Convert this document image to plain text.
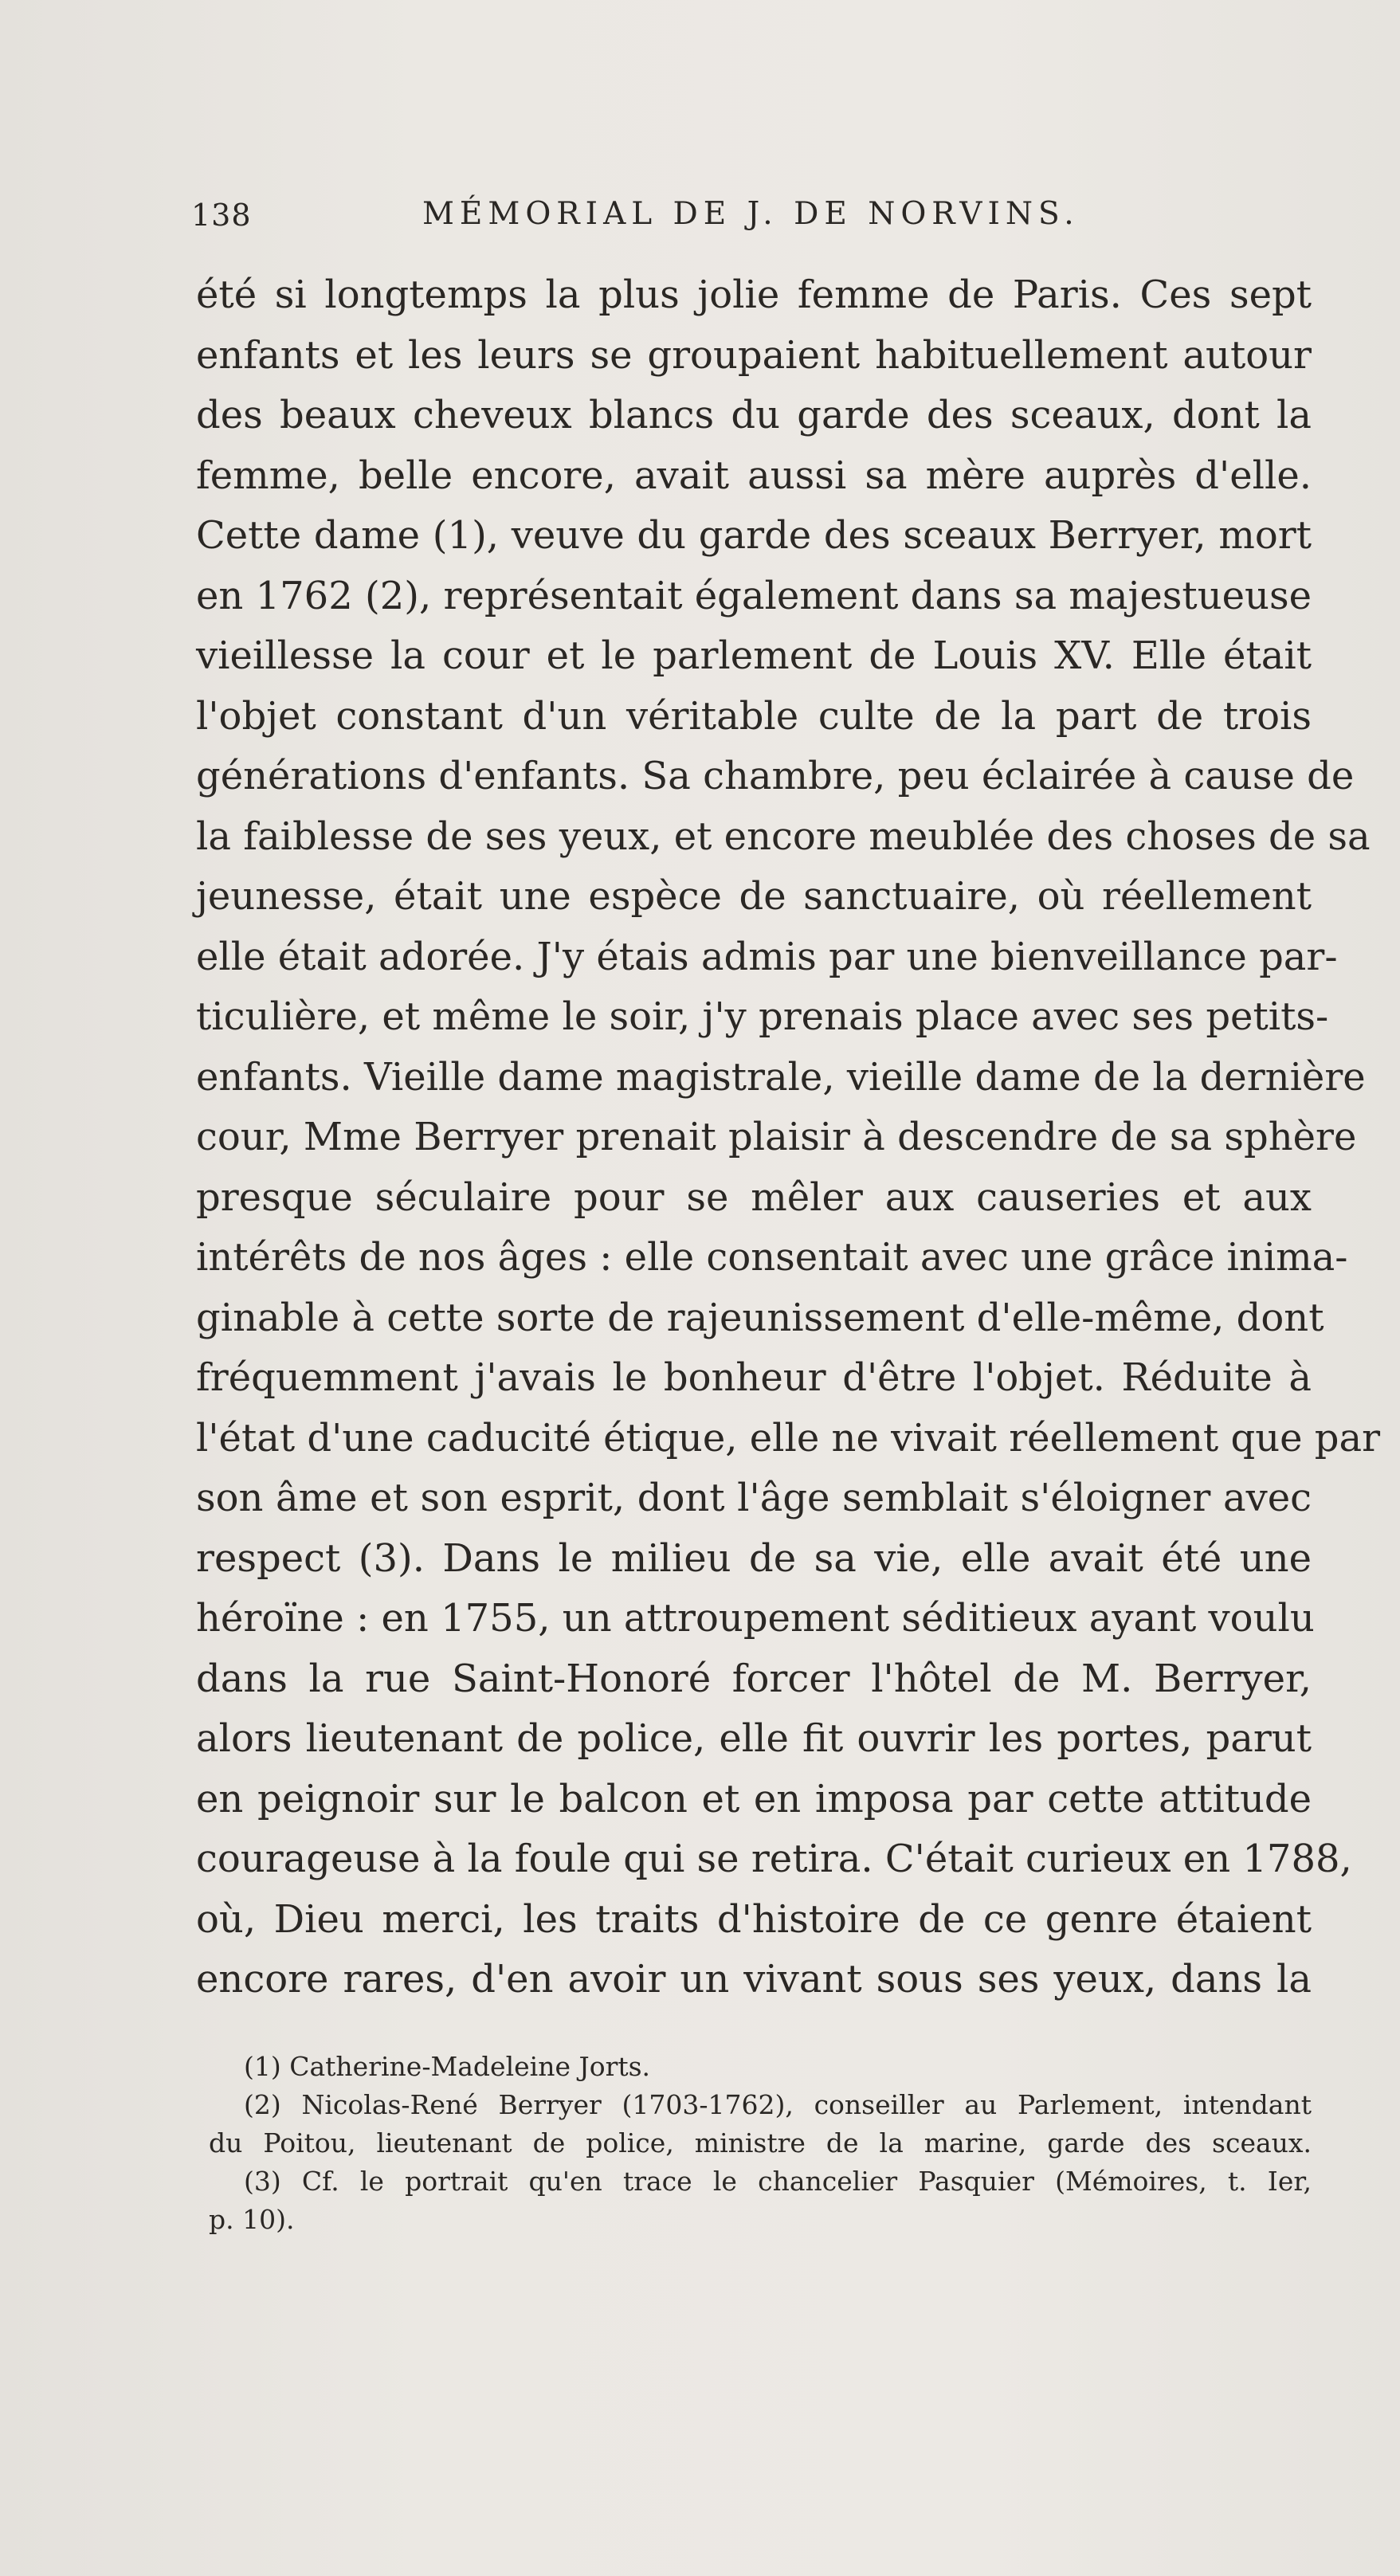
138	MÉMORIAL DE J. DE NORVINS.
été si longtemps la plus jolie femme de Paris. Ces sept
enfants et les leurs se groupaient habituellement autour
des beaux cheveux blancs du garde des sceaux, dont la
femme, belle encore, avait aussi sa mère auprès d'elle.
Cette dame (1), veuve du garde des sceaux Berryer, mort
en 1762 (2), représentait également dans sa majestueuse
vieillesse la cour et le parlement de Louis XV. Elle était
l'objet constant d'un véritable culte de la part de trois
générations d'enfants. Sa chambre, peu éclairée à cause de
la faiblesse de ses yeux, et encore meublée des choses de sa
jeunesse, était une espèce de sanctuaire, où réellement
elle était adorée. J'y étais admis par une bienveillance par-
ticulière, et même le soir, j'y prenais place avec ses petits-
enfants. Vieille dame magistrale, vieille dame de la dernière
cour, Mme Berryer prenait plaisir à descendre de sa sphère
presque séculaire pour se mêler aux causeries et aux
intérêts de nos âges : elle consentait avec une grâce inima-
ginable à cette sorte de rajeunissement d'elle-même, dont
fréquemment j'avais le bonheur d'être l'objet. Réduite à
l'état d'une caducité étique, elle ne vivait réellement que par
son âme et son esprit, dont l'âge semblait s'éloigner avec
respect (3). Dans le milieu de sa vie, elle avait été une
héroïne : en 1755, un attroupement séditieux ayant voulu
dans la rue Saint-Honoré forcer l'hôtel de M. Berryer,
alors lieutenant de police, elle fit ouvrir les portes, parut
en peignoir sur le balcon et en imposa par cette attitude
courageuse à la foule qui se retira. C'était curieux en 1788,
où, Dieu merci, les traits d'histoire de ce genre étaient
encore rares, d'en avoir un vivant sous ses yeux, dans la
(1) Catherine-Madeleine Jorts.
(2) Nicolas-René Berryer (1703-1762), conseiller au Parlement, intendant
du Poitou, lieutenant de police, ministre de la marine, garde des sceaux.
(3) Cf. le portrait qu'en trace le chancelier Pasquier (Mémoires, t. Ier,
p. 10).
